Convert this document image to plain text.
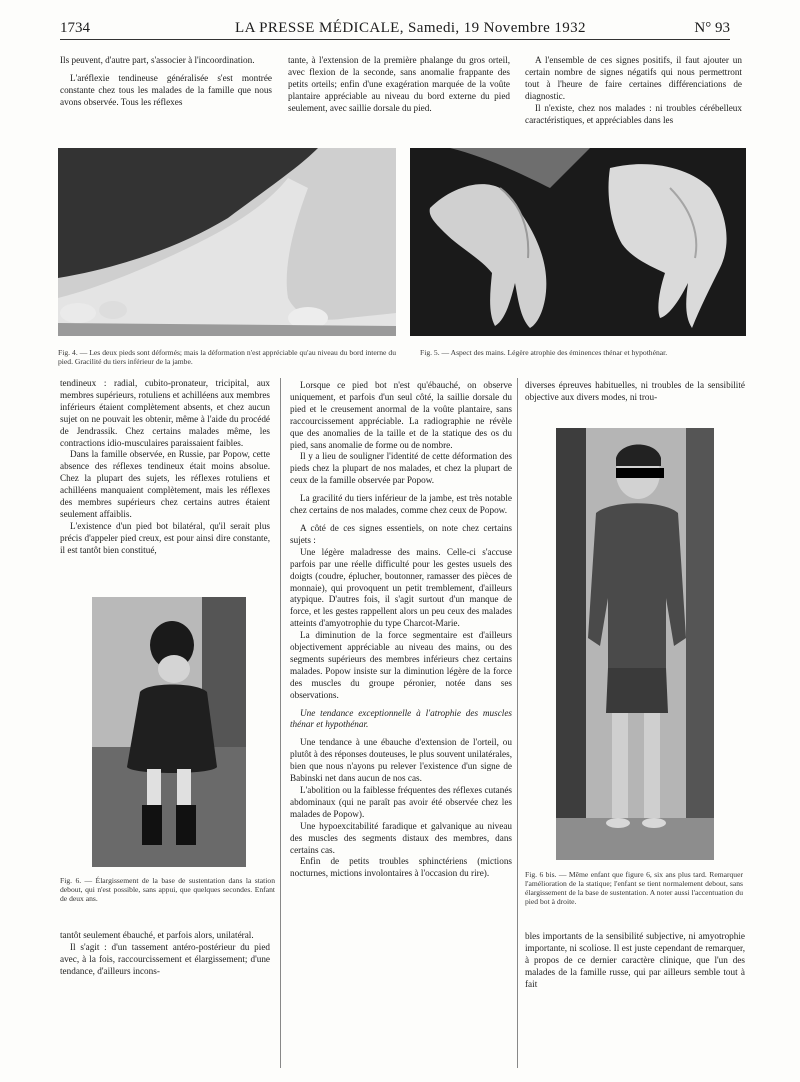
1734	LA PRESSE MÉDICALE, Samedi, 19 Novembre 1932	N° 93

Ils peuvent, d'autre part, s'associer à l'incoordination.

L'aréflexie tendineuse généralisée s'est montrée constante chez tous les malades de la famille que nous avons observée. Tous les réflexes

tante, à l'extension de la première phalange du gros orteil, avec flexion de la seconde, sans anomalie frappante des petits orteils; enfin d'une exagération marquée de la voûte plantaire appréciable au niveau du bord externe du pied seulement, avec saillie dorsale du pied.

A l'ensemble de ces signes positifs, il faut ajouter un certain nombre de signes négatifs qui nous permettront tout à l'heure de faire certaines différenciations de diagnostic.

Il n'existe, chez nos malades : ni troubles cérébelleux caractéristiques, et appréciables dans les

Fig. 4. — Les deux pieds sont déformés; mais la déformation n'est appréciable qu'au niveau du bord interne du pied. Gracilité du tiers inférieur de la jambe.
Fig. 5. — Aspect des mains. Légère atrophie des éminences thénar et hypothénar.

tendineux : radial, cubito-pronateur, tricipital, aux membres supérieurs, rotuliens et achilléens aux membres inférieurs étaient complètement absents, et chez aucun sujet on ne pouvait les obtenir, même à l'aide du procédé de Jendrassik. Chez certains malades même, les contractions idio-musculaires paraissaient faibles.

Dans la famille observée, en Russie, par Popow, cette absence des réflexes tendineux était moins absolue. Chez la plupart des sujets, les réflexes rotuliens et achilléens manquaient complètement, mais les réflexes des membres supérieurs chez certains autres étaient seulement affaiblis.

L'existence d'un pied bot bilatéral, qu'il serait plus précis d'appeler pied creux, est pour ainsi dire constante, il est tantôt bien constitué,

Fig. 6. — Élargissement de la base de sustentation dans la station debout, qui n'est possible, sans appui, que quelques secondes. Enfant de deux ans.

tantôt seulement ébauché, et parfois alors, unilatéral.

Il s'agit : d'un tassement antéro-postérieur du pied avec, à la fois, raccourcissement et élargissement; d'une tendance, d'ailleurs incons-

Lorsque ce pied bot n'est qu'ébauché, on observe uniquement, et parfois d'un seul côté, la saillie dorsale du pied et le creusement anormal de la voûte plantaire, sans raccourcissement appréciable. La radiographie ne révèle que des anomalies de la taille et de la statique des os du pied, sans anomalie de forme ou de nombre.

Il y a lieu de souligner l'identité de cette déformation des pieds chez la plupart de nos malades, et chez la plupart de ceux de la famille observée par Popow.

La gracilité du tiers inférieur de la jambe, est très notable chez certains de nos malades, comme chez ceux de Popow.

A côté de ces signes essentiels, on note chez certains sujets :

Une légère maladresse des mains. Celle-ci s'accuse parfois par une réelle difficulté pour les gestes usuels des doigts (coudre, éplucher, boutonner, ramasser des pièces de monnaie), qui provoquent un petit tremblement, d'ailleurs atypique. D'autres fois, il s'agit surtout d'un manque de force, et les gestes rappellent alors un peu ceux des malades atteints d'amyotrophie du type Charcot-Marie.

La diminution de la force segmentaire est d'ailleurs objectivement appréciable au niveau des mains, ou des segments supérieurs des membres inférieurs chez certains malades. Popow insiste sur la diminution légère de la force des muscles du groupe péronier, notée dans ses observations.

Une tendance exceptionnelle à l'atrophie des muscles thénar et hypothénar.

Une tendance à une ébauche d'extension de l'orteil, ou plutôt à des réponses douteuses, le plus souvent unilatérales, bien que nous n'ayons pu relever l'existence d'un signe de Babinski net dans aucun de nos cas.

L'abolition ou la faiblesse fréquentes des réflexes cutanés abdominaux (qui ne paraît pas avoir été observée chez les malades de Popow).

Une hypoexcitabilité faradique et galvanique au niveau des muscles des segments distaux des membres, dans certains cas.

Enfin de petits troubles sphinctériens (mictions nocturnes, mictions involontaires à l'occasion du rire).

diverses épreuves habituelles, ni troubles de la sensibilité objective aux divers modes, ni trou-

Fig. 6 bis. — Même enfant que figure 6, six ans plus tard. Remarquer l'amélioration de la statique; l'enfant se tient normalement debout, sans élargissement de la base de sustentation. A noter aussi l'accentuation du pied bot à droite.

bles importants de la sensibilité subjective, ni amyotrophie importante, ni scoliose. Il est juste cependant de remarquer, à propos de ce dernier caractère clinique, que l'un des malades de la famille russe, qui par ailleurs semble tout à fait
